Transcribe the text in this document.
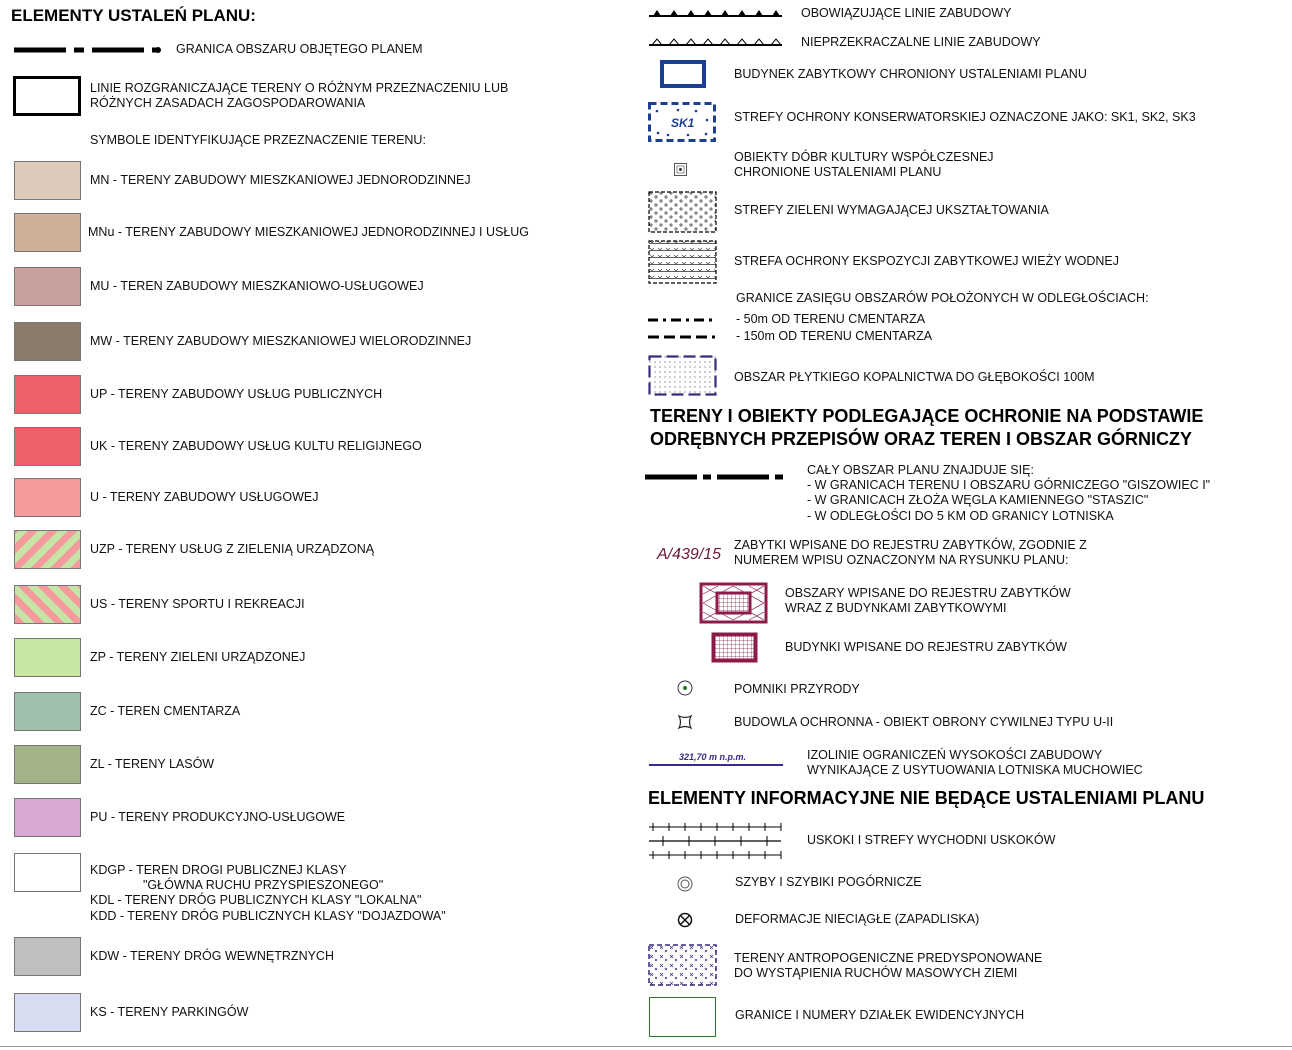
ELEMENTY USTALEŃ PLANU:
GRANICA OBSZARU OBJĘTEGO PLANEM
LINIE ROZGRANICZAJĄCE TERENY O RÓŻNYM PRZEZNACZENIU LUB
RÓŻNYCH ZASADACH ZAGOSPODAROWANIA
SYMBOLE IDENTYFIKUJĄCE PRZEZNACZENIE TERENU:
MN - TERENY ZABUDOWY MIESZKANIOWEJ JEDNORODZINNEJ
MNu - TERENY ZABUDOWY MIESZKANIOWEJ JEDNORODZINNEJ I USŁUG
MU - TEREN ZABUDOWY MIESZKANIOWO-USŁUGOWEJ
MW - TERENY ZABUDOWY MIESZKANIOWEJ WIELORODZINNEJ
UP - TERENY ZABUDOWY USŁUG PUBLICZNYCH
UK - TERENY ZABUDOWY USŁUG KULTU RELIGIJNEGO
U - TERENY ZABUDOWY USŁUGOWEJ
UZP - TERENY USŁUG Z ZIELENIĄ URZĄDZONĄ
US - TERENY SPORTU I REKREACJI
ZP - TERENY ZIELENI URZĄDZONEJ
ZC - TEREN CMENTARZA
ZL - TERENY LASÓW
PU - TERENY PRODUKCYJNO-USŁUGOWE
KDGP - TEREN DROGI PUBLICZNEJ KLASY
"GŁÓWNA RUCHU PRZYSPIESZONEGO"
KDL - TERENY DRÓG PUBLICZNYCH KLASY "LOKALNA"
KDD - TERENY DRÓG PUBLICZNYCH KLASY "DOJAZDOWA"
KDW - TERENY DRÓG WEWNĘTRZNYCH
KS - TERENY PARKINGÓW
OBOWIĄZUJĄCE LINIE ZABUDOWY
NIEPRZEKRACZALNE LINIE ZABUDOWY
BUDYNEK ZABYTKOWY CHRONIONY USTALENIAMI PLANU
SK1	STREFY OCHRONY KONSERWATORSKIEJ OZNACZONE JAKO: SK1, SK2, SK3
OBIEKTY DÓBR KULTURY WSPÓŁCZESNEJ
CHRONIONE USTALENIAMI PLANU
STREFY ZIELENI WYMAGAJĄCEJ UKSZTAŁTOWANIA
STREFA OCHRONY EKSPOZYCJI ZABYTKOWEJ WIEŻY WODNEJ
GRANICE ZASIĘGU OBSZARÓW POŁOŻONYCH W ODLEGŁOŚCIACH:
- 50m OD TERENU CMENTARZA
- 150m OD TERENU CMENTARZA
OBSZAR PŁYTKIEGO KOPALNICTWA DO GŁĘBOKOŚCI 100M
TERENY I OBIEKTY PODLEGAJĄCE OCHRONIE NA PODSTAWIE
ODRĘBNYCH PRZEPISÓW ORAZ TEREN I OBSZAR GÓRNICZY
CAŁY OBSZAR PLANU ZNAJDUJE SIĘ:
- W GRANICACH TERENU I OBSZARU GÓRNICZEGO "GISZOWIEC I"
- W GRANICACH ZŁOŻA WĘGLA KAMIENNEGO "STASZIC"
- W ODLEGŁOŚCI DO 5 KM OD GRANICY LOTNISKA
A/439/15
ZABYTKI WPISANE DO REJESTRU ZABYTKÓW, ZGODNIE Z
NUMEREM WPISU OZNACZONYM NA RYSUNKU PLANU:
OBSZARY WPISANE DO REJESTRU ZABYTKÓW
WRAZ Z BUDYNKAMI ZABYTKOWYMI
BUDYNKI WPISANE DO REJESTRU ZABYTKÓW
POMNIKI PRZYRODY
BUDOWLA OCHRONNA - OBIEKT OBRONY CYWILNEJ TYPU U-II
321,70 m n.p.m.	IZOLINIE OGRANICZEŃ WYSOKOŚCI ZABUDOWY
WYNIKAJĄCE Z USYTUOWANIA LOTNISKA MUCHOWIEC
ELEMENTY INFORMACYJNE NIE BĘDĄCE USTALENIAMI PLANU
USKOKI I STREFY WYCHODNI USKOKÓW
SZYBY I SZYBIKI POGÓRNICZE
DEFORMACJE NIECIĄGŁE (ZAPADLISKA)
TERENY ANTROPOGENICZNE PREDYSPONOWANE
DO WYSTĄPIENIA RUCHÓW MASOWYCH ZIEMI
GRANICE I NUMERY DZIAŁEK EWIDENCYJNYCH
